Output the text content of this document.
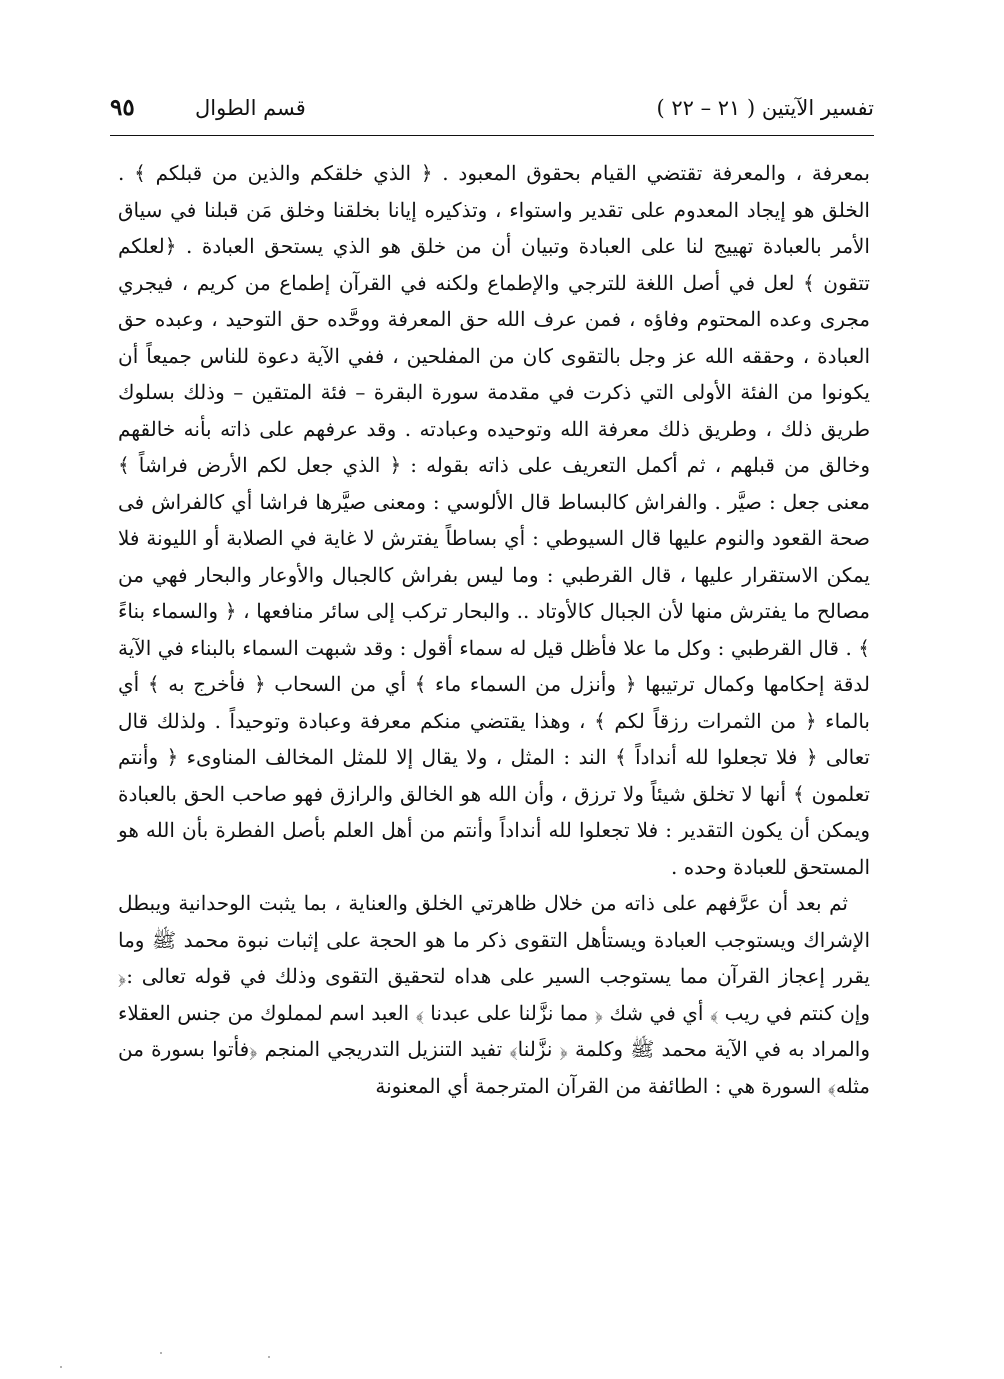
تفسير الآيتين ( ٢١ – ٢٢ )
قسم الطوال
٩٥

بمعرفة ، والمعرفة تقتضي القيام بحقوق المعبود . ﴿ الذي خلقكم والذين من قبلكم ﴾ . الخلق هو إيجاد المعدوم على تقدير واستواء ، وتذكيره إيانا بخلقنا وخلق مَن قبلنا في سياق الأمر بالعبادة تهييج لنا على العبادة وتبيان أن من خلق هو الذي يستحق العبادة . ﴿لعلكم تتقون ﴾ لعل في أصل اللغة للترجي والإطماع ولكنه في القرآن إطماع من كريم ، فيجري مجرى وعده المحتوم وفاؤه ، فمن عرف الله حق المعرفة ووحَّده حق التوحيد ، وعبده حق العبادة ، وحققه الله عز وجل بالتقوى كان من المفلحين ، ففي الآية دعوة للناس جميعاً أن يكونوا من الفئة الأولى التي ذكرت في مقدمة سورة البقرة – فئة المتقين – وذلك بسلوك طريق ذلك ، وطريق ذلك معرفة الله وتوحيده وعبادته . وقد عرفهم على ذاته بأنه خالقهم وخالق من قبلهم ، ثم أكمل التعريف على ذاته بقوله : ﴿ الذي جعل لكم الأرض فراشاً ﴾ معنى جعل : صيَّر . والفراش كالبساط قال الألوسي : ومعنى صيَّرها فراشا أي كالفراش فى صحة القعود والنوم عليها قال السيوطي : أي بساطاً يفترش لا غاية في الصلابة أو الليونة فلا يمكن الاستقرار عليها ، قال القرطبي : وما ليس بفراش كالجبال والأوعار والبحار فهي من مصالح ما يفترش منها لأن الجبال كالأوتاد .. والبحار تركب إلى سائر منافعها ، ﴿ والسماء بناءً ﴾ . قال القرطبي : وكل ما علا فأظل قيل له سماء أقول : وقد شبهت السماء بالبناء في الآية لدقة إحكامها وكمال ترتيبها ﴿ وأنزل من السماء ماء ﴾ أي من السحاب ﴿ فأخرج به ﴾ أي بالماء ﴿ من الثمرات رزقاً لكم ﴾ ، وهذا يقتضي منكم معرفة وعبادة وتوحيداً . ولذلك قال تعالى ﴿ فلا تجعلوا لله أنداداً ﴾ الند : المثل ، ولا يقال إلا للمثل المخالف المناوىء ﴿ وأنتم تعلمون ﴾ أنها لا تخلق شيئاً ولا ترزق ، وأن الله هو الخالق والرازق فهو صاحب الحق بالعبادة ويمكن أن يكون التقدير : فلا تجعلوا لله أنداداً وأنتم من أهل العلم بأصل الفطرة بأن الله هو المستحق للعبادة وحده .

ثم بعد أن عرَّفهم على ذاته من خلال ظاهرتي الخلق والعناية ، بما يثبت الوحدانية ويبطل الإشراك ويستوجب العبادة ويستأهل التقوى ذكر ما هو الحجة على إثبات نبوة محمد ﷺ وما يقرر إعجاز القرآن مما يستوجب السير على هداه لتحقيق التقوى وذلك في قوله تعالى :﴿ وإن كنتم في ريب ﴾ أي في شك ﴿ مما نزَّلنا على عبدنا ﴾ العبد اسم لمملوك من جنس العقلاء والمراد به في الآية محمد ﷺ وكلمة ﴿ نزَّلنا﴾ تفيد التنزيل التدريجي المنجم ﴿فأتوا بسورة من مثله﴾ السورة هي : الطائفة من القرآن المترجمة أي المعنونة
